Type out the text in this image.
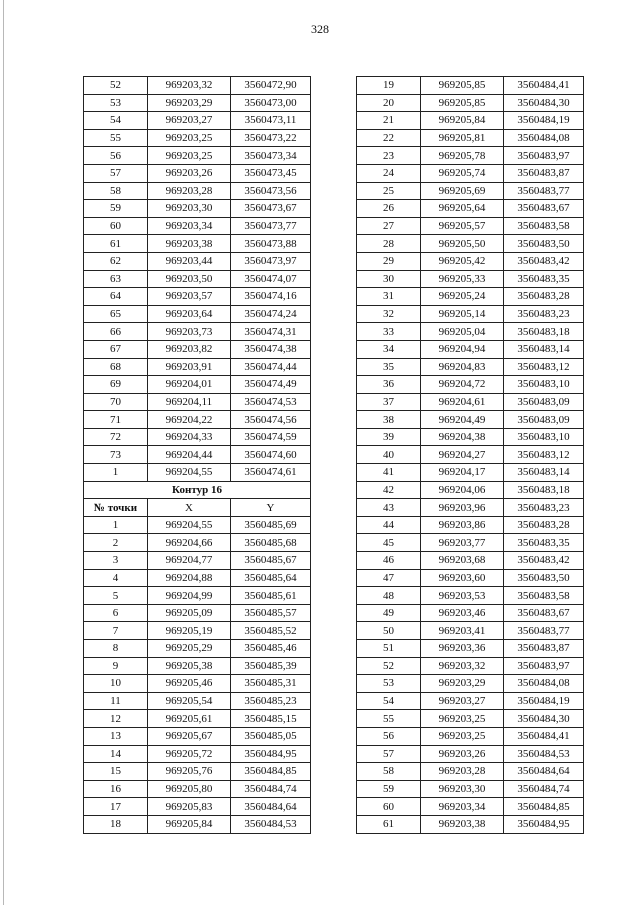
328
52	969203,32	3560472,90
53	969203,29	3560473,00
54	969203,27	3560473,11
55	969203,25	3560473,22
56	969203,25	3560473,34
57	969203,26	3560473,45
58	969203,28	3560473,56
59	969203,30	3560473,67
60	969203,34	3560473,77
61	969203,38	3560473,88
62	969203,44	3560473,97
63	969203,50	3560474,07
64	969203,57	3560474,16
65	969203,64	3560474,24
66	969203,73	3560474,31
67	969203,82	3560474,38
68	969203,91	3560474,44
69	969204,01	3560474,49
70	969204,11	3560474,53
71	969204,22	3560474,56
72	969204,33	3560474,59
73	969204,44	3560474,60
1	969204,55	3560474,61
Контур 16		
№ точки	X	Y
1	969204,55	3560485,69
2	969204,66	3560485,68
3	969204,77	3560485,67
4	969204,88	3560485,64
5	969204,99	3560485,61
6	969205,09	3560485,57
7	969205,19	3560485,52
8	969205,29	3560485,46
9	969205,38	3560485,39
10	969205,46	3560485,31
11	969205,54	3560485,23
12	969205,61	3560485,15
13	969205,67	3560485,05
14	969205,72	3560484,95
15	969205,76	3560484,85
16	969205,80	3560484,74
17	969205,83	3560484,64
18	969205,84	3560484,53
19	969205,85	3560484,41
20	969205,85	3560484,30
21	969205,84	3560484,19
22	969205,81	3560484,08
23	969205,78	3560483,97
24	969205,74	3560483,87
25	969205,69	3560483,77
26	969205,64	3560483,67
27	969205,57	3560483,58
28	969205,50	3560483,50
29	969205,42	3560483,42
30	969205,33	3560483,35
31	969205,24	3560483,28
32	969205,14	3560483,23
33	969205,04	3560483,18
34	969204,94	3560483,14
35	969204,83	3560483,12
36	969204,72	3560483,10
37	969204,61	3560483,09
38	969204,49	3560483,09
39	969204,38	3560483,10
40	969204,27	3560483,12
41	969204,17	3560483,14
42	969204,06	3560483,18
43	969203,96	3560483,23
44	969203,86	3560483,28
45	969203,77	3560483,35
46	969203,68	3560483,42
47	969203,60	3560483,50
48	969203,53	3560483,58
49	969203,46	3560483,67
50	969203,41	3560483,77
51	969203,36	3560483,87
52	969203,32	3560483,97
53	969203,29	3560484,08
54	969203,27	3560484,19
55	969203,25	3560484,30
56	969203,25	3560484,41
57	969203,26	3560484,53
58	969203,28	3560484,64
59	969203,30	3560484,74
60	969203,34	3560484,85
61	969203,38	3560484,95
